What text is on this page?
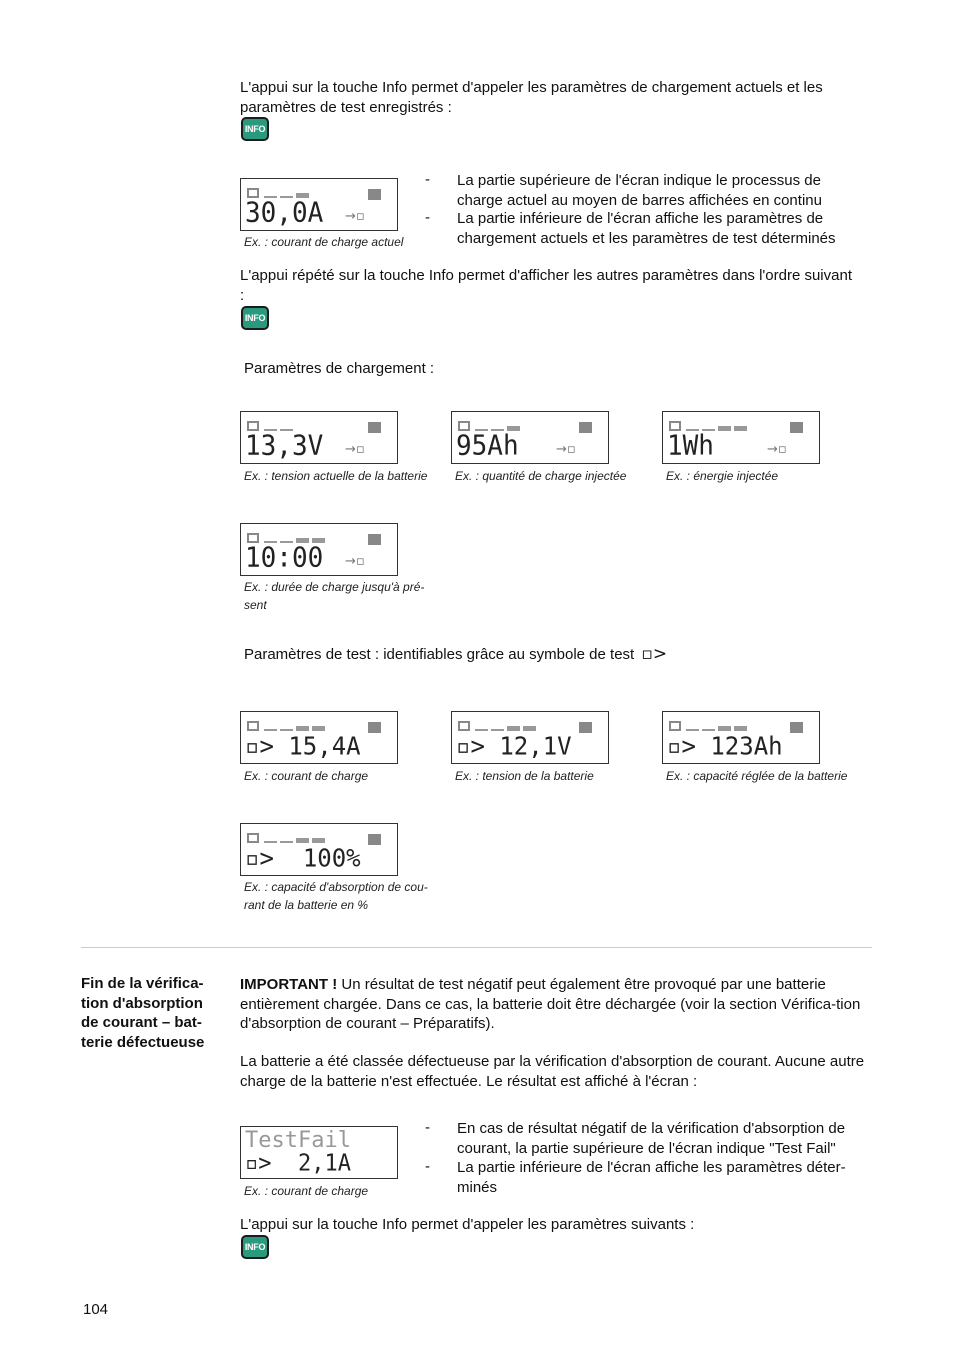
L'appui sur la touche Info permet d'appeler les paramètres de chargement actuels et les paramètres de test enregistrés :

INFO
30,0A →▫
Ex. : courant de charge actuel
- La partie supérieure de l'écran indique le processus de charge actuel au moyen de barres affichées en continu

- La partie inférieure de l'écran affiche les paramètres de chargement actuels et les paramètres de test déterminés

L'appui répété sur la touche Info permet d'afficher les autres paramètres dans l'ordre suivant :

INFO

Paramètres de chargement :

13,3V →▫
Ex. : tension actuelle de la batterie
95Ah	→▫
Ex. : quantité de charge injectée
1Wh	→▫
Ex. : énergie injectée
10:00 →▫
Ex. : durée de charge jusqu'à pré-sent

Paramètres de test : identifiables grâce au symbole de test ▫>

▫> 15,4A
Ex. : courant de charge
▫> 12,1V
Ex. : tension de la batterie
▫> 123Ah
Ex. : capacité réglée de la batterie
▫> 100%
Ex. : capacité d'absorption de cou-rant de la batterie en %
Fin de la vérifica-tion d'absorption de courant – bat-terie défectueuse

IMPORTANT ! Un résultat de test négatif peut également être provoqué par une batterie entièrement chargée. Dans ce cas, la batterie doit être déchargée (voir la section Vérifica-tion d'absorption de courant – Préparatifs).

La batterie a été classée défectueuse par la vérification d'absorption de courant. Aucune autre charge de la batterie n'est effectuée. Le résultat est affiché à l'écran :

TestFail
▫> 2,1A
Ex. : courant de charge
- En cas de résultat négatif de la vérification d'absorption de courant, la partie supérieure de l'écran indique "Test Fail"

- La partie inférieure de l'écran affiche les paramètres déter-minés

L'appui sur la touche Info permet d'appeler les paramètres suivants :

INFO
104
